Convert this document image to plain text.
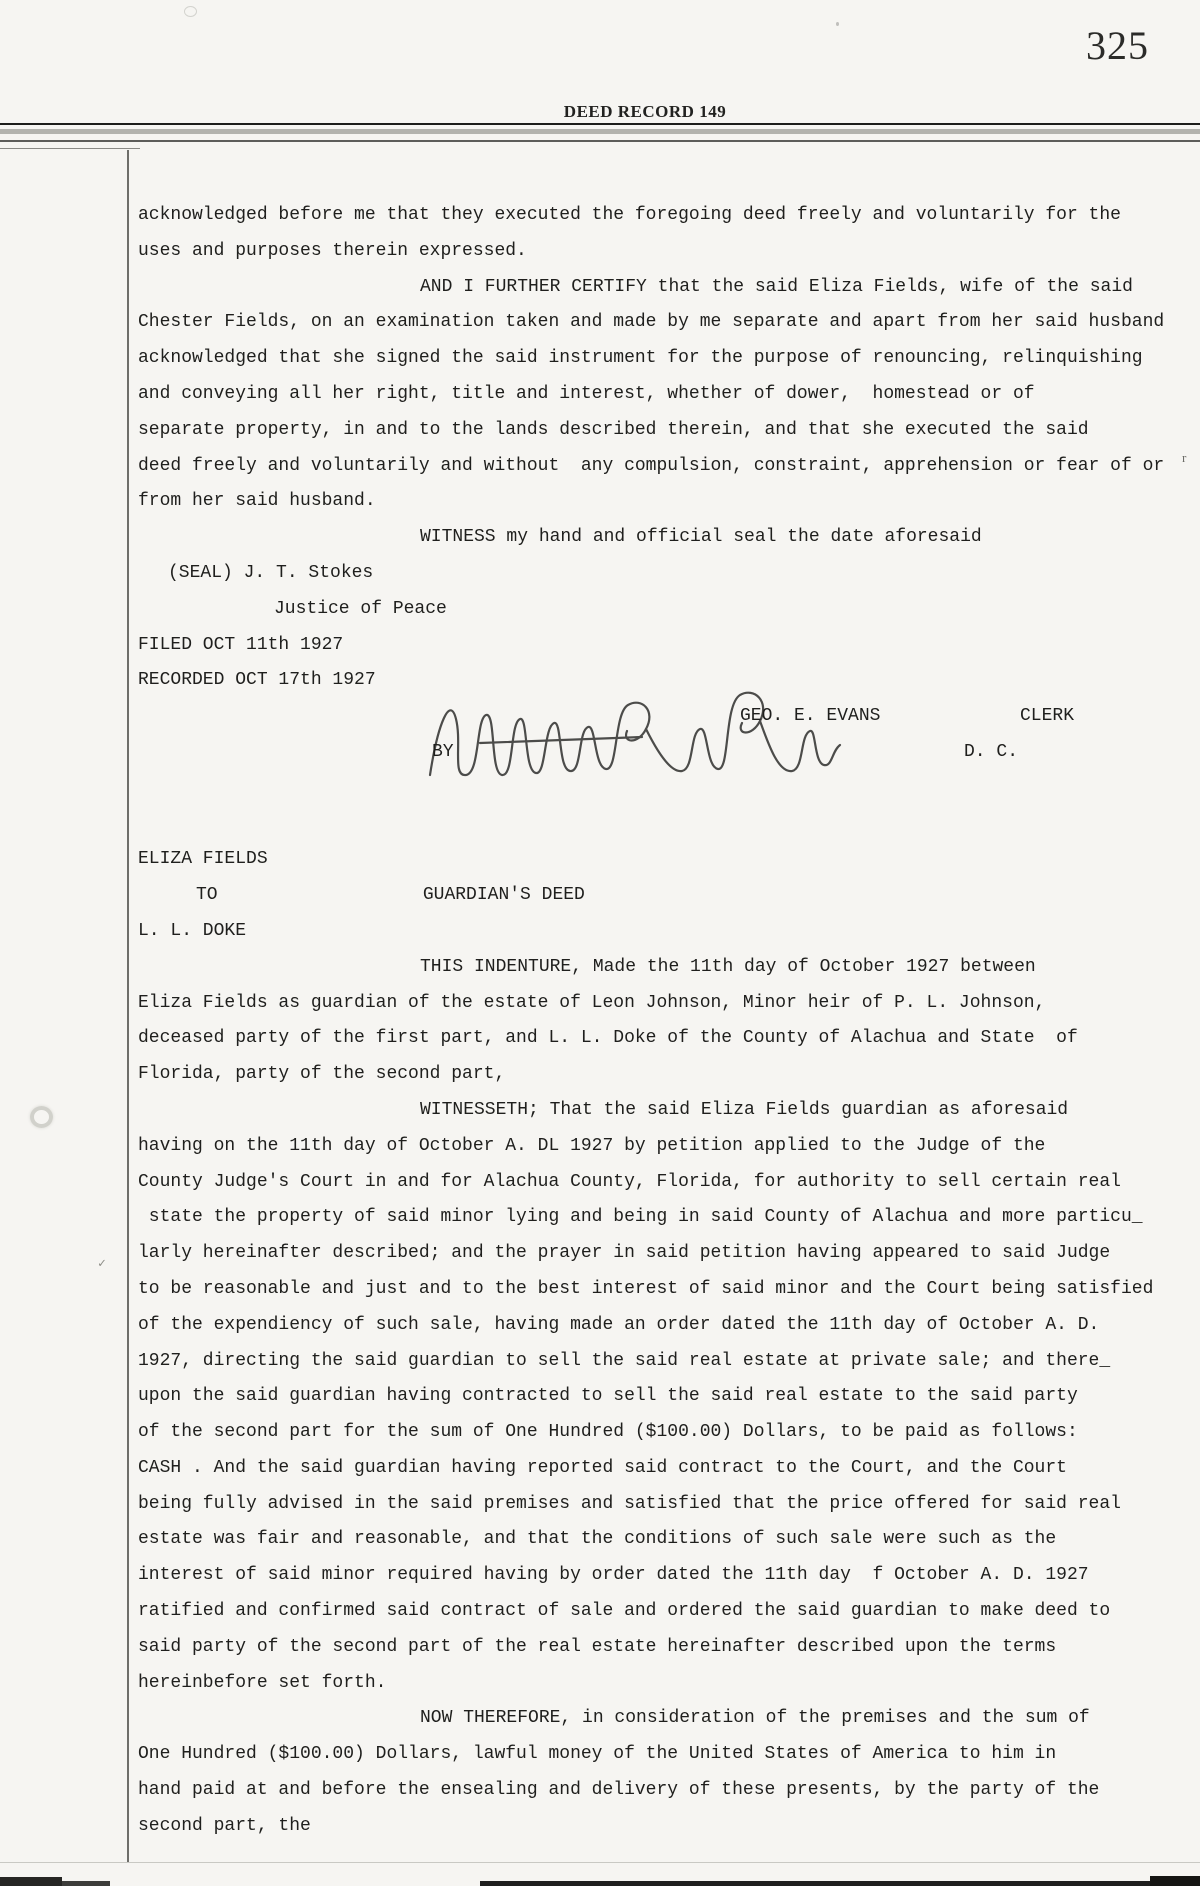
325
DEED RECORD 149
acknowledged before me that they executed the foregoing deed freely and voluntarily for the
uses and purposes therein expressed.
AND I FURTHER CERTIFY that the said Eliza Fields, wife of the said
Chester Fields, on an examination taken and made by me separate and apart from her said husband
acknowledged that she signed the said instrument for the purpose of renouncing, relinquishing
and conveying all her right, title and interest, whether of dower,  homestead or of
separate property, in and to the lands described therein, and that she executed the said
deed freely and voluntarily and without  any compulsion, constraint, apprehension or fear of or
from her said husband.
WITNESS my hand and official seal the date aforesaid
(SEAL) J. T. Stokes
Justice of Peace
FILED OCT 11th 1927
RECORDED OCT 17th 1927
GEO. E. EVANS	CLERK
BY	D. C.
ELIZA FIELDS
TO                   GUARDIAN'S DEED
L. L. DOKE
THIS INDENTURE, Made the 11th day of October 1927 between
Eliza Fields as guardian of the estate of Leon Johnson, Minor heir of P. L. Johnson,
deceased party of the first part, and L. L. Doke of the County of Alachua and State  of
Florida, party of the second part,
WITNESSETH; That the said Eliza Fields guardian as aforesaid
having on the 11th day of October A. DL 1927 by petition applied to the Judge of the
County Judge's Court in and for Alachua County, Florida, for authority to sell certain real
state the property of said minor lying and being in said County of Alachua and more particu_
larly hereinafter described; and the prayer in said petition having appeared to said Judge
to be reasonable and just and to the best interest of said minor and the Court being satisfied
of the expendiency of such sale, having made an order dated the 11th day of October A. D.
1927, directing the said guardian to sell the said real estate at private sale; and there_
upon the said guardian having contracted to sell the said real estate to the said party
of the second part for the sum of One Hundred ($100.00) Dollars, to be paid as follows:
CASH . And the said guardian having reported said contract to the Court, and the Court
being fully advised in the said premises and satisfied that the price offered for said real
estate was fair and reasonable, and that the conditions of such sale were such as the
interest of said minor required having by order dated the 11th day  f October A. D. 1927
ratified and confirmed said contract of sale and ordered the said guardian to make deed to
said party of the second part of the real estate hereinafter described upon the terms
hereinbefore set forth.
NOW THEREFORE, in consideration of the premises and the sum of
One Hundred ($100.00) Dollars, lawful money of the United States of America to him in
hand paid at and before the ensealing and delivery of these presents, by the party of the
second part, the
r
✓
